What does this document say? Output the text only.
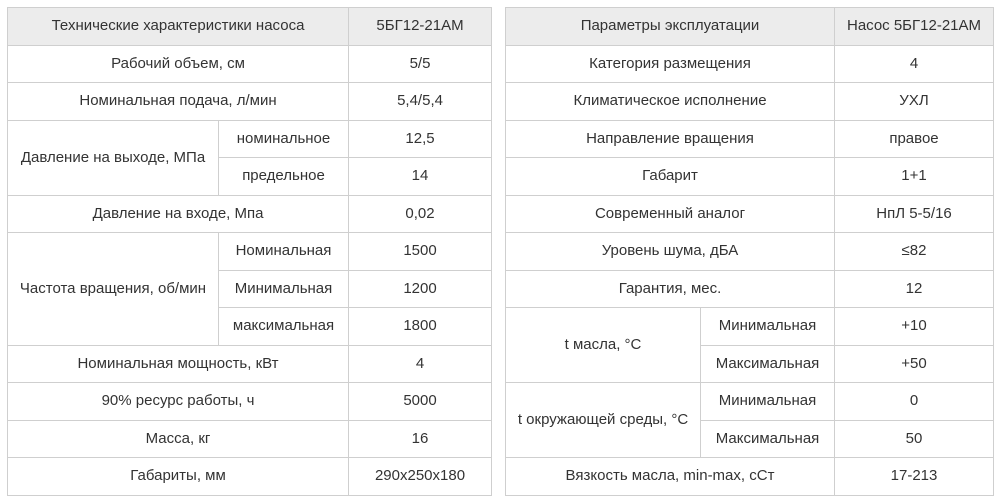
Технические характеристики насоса		5БГ12-21АМ
Рабочий объем, см		5/5
Номинальная подача, л/мин		5,4/5,4
Давление на выходе, МПа	номинальное	12,5
	предельное	14
Давление на входе, Мпа		0,02
Частота вращения, об/мин	Номинальная	1500
	Минимальная	1200
	максимальная	1800
Номинальная мощность, кВт		4
90% ресурс работы, ч		5000
Масса, кг		16
Габариты, мм		290x250x180
Параметры эксплуатации		Насос 5БГ12-21АМ
Категория размещения		4
Климатическое исполнение		УХЛ
Направление вращения		правое
Габарит		1+1
Современный аналог		НпЛ 5-5/16
Уровень шума, дБА		≤82
Гарантия, мес.		12
t масла, °С	Минимальная	+10
	Максимальная	+50
t окружающей среды, °С	Минимальная	0
	Максимальная	50
Вязкость масла, min-max, cCт		17-213
